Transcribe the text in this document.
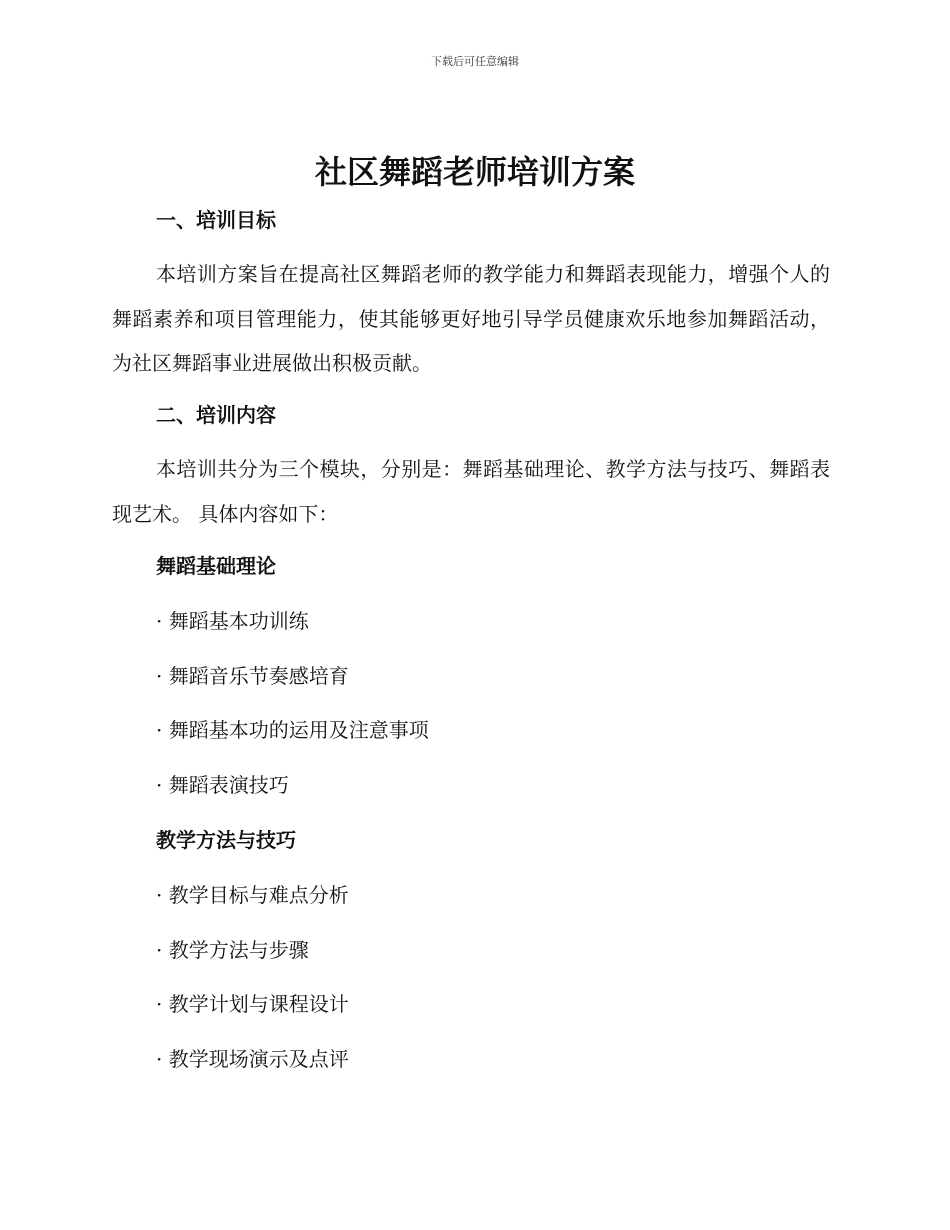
下载后可任意编辑
社区舞蹈老师培训方案
一、培训目标

本培训方案旨在提高社区舞蹈老师的教学能力和舞蹈表现能力，增强个人的舞蹈素养和项目管理能力，使其能够更好地引导学员健康欢乐地参加舞蹈活动，为社区舞蹈事业进展做出积极贡献。

二、培训内容

本培训共分为三个模块，分别是：舞蹈基础理论、教学方法与技巧、舞蹈表现艺术。 具体内容如下：

舞蹈基础理论

· 舞蹈基本功训练

· 舞蹈音乐节奏感培育

· 舞蹈基本功的运用及注意事项

· 舞蹈表演技巧

教学方法与技巧

· 教学目标与难点分析

· 教学方法与步骤

· 教学计划与课程设计

· 教学现场演示及点评
